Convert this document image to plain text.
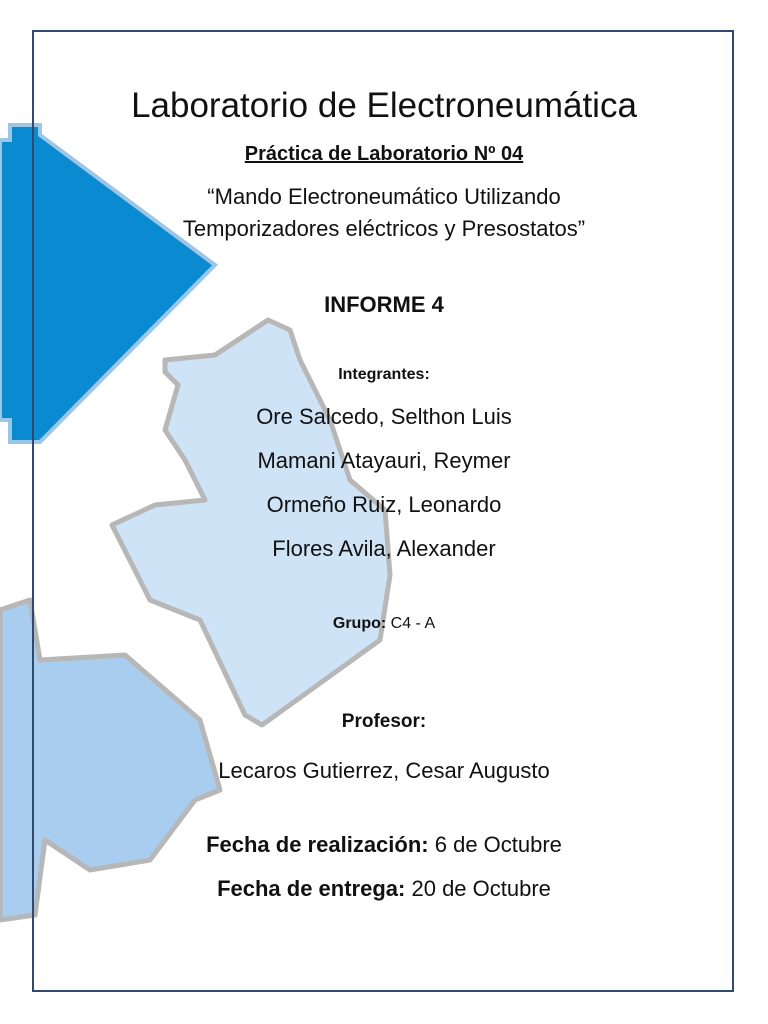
Laboratorio de Electroneumática
Práctica de Laboratorio Nº 04
“Mando Electroneumático Utilizando
Temporizadores eléctricos y Presostatos”
INFORME 4
Integrantes:
Ore Salcedo, Selthon Luis
Mamani Atayauri, Reymer
Ormeño Ruiz, Leonardo
Flores Avila, Alexander
Grupo: C4 - A
Profesor:
Lecaros Gutierrez, Cesar Augusto
Fecha de realización: 6 de Octubre
Fecha de entrega: 20 de Octubre
